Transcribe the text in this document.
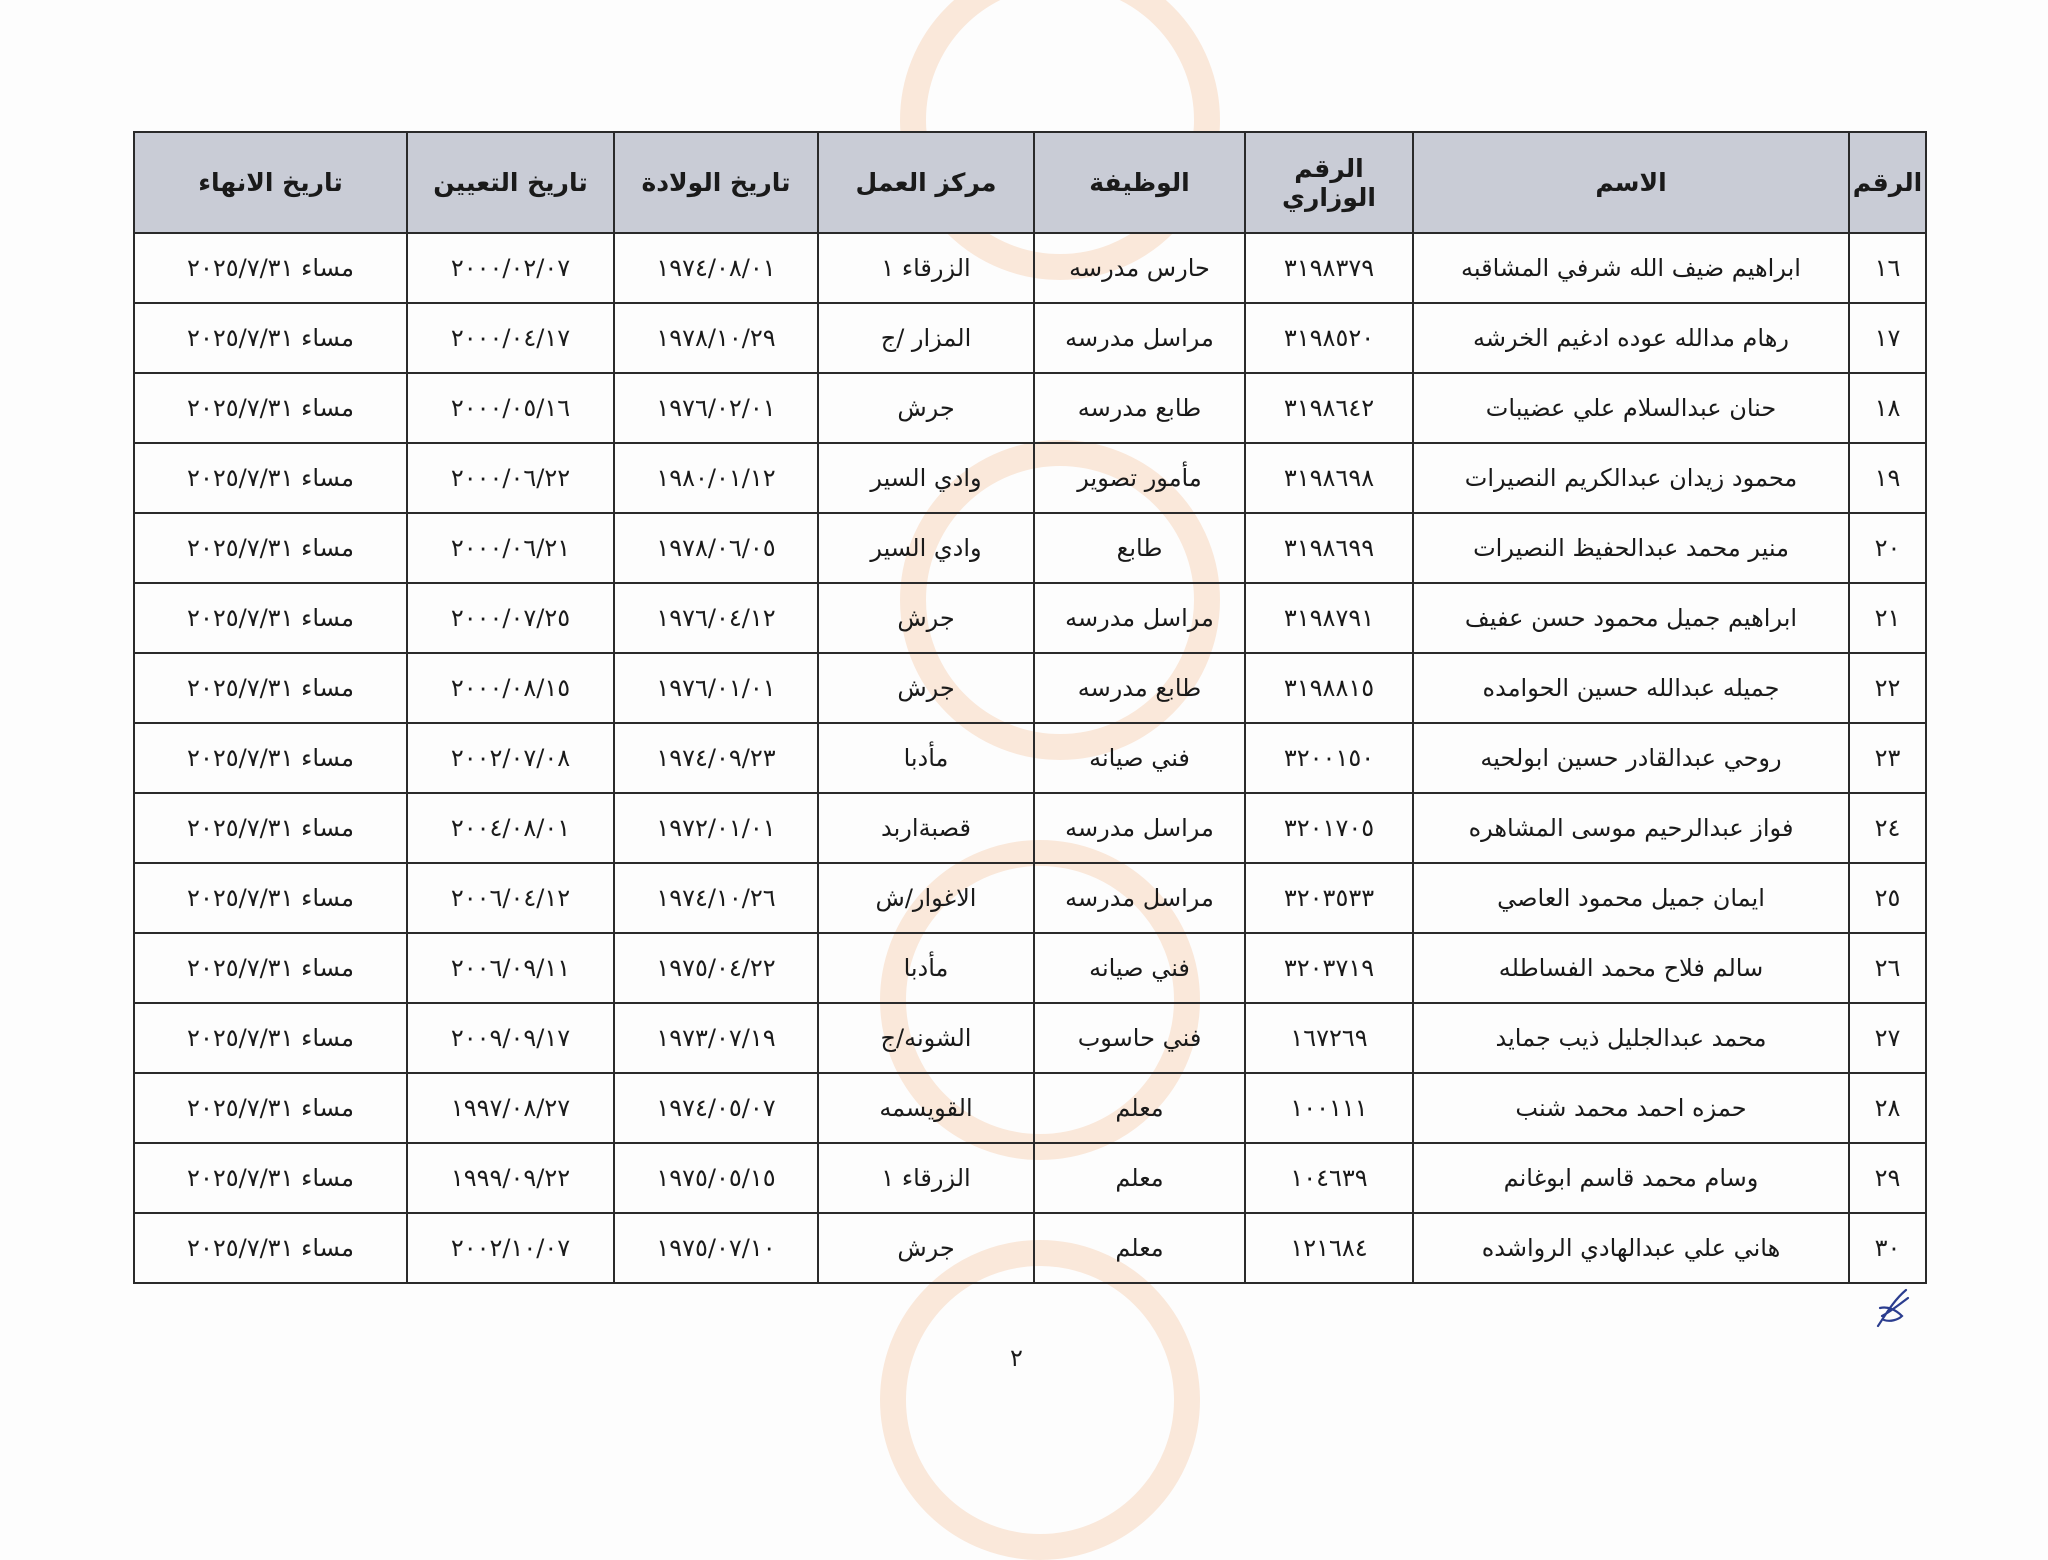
الرقم	الاسم	الرقم الوزاري	الوظيفة	مركز العمل	تاريخ الولادة	تاريخ التعيين	تاريخ الانهاء
١٦	ابراهيم ضيف الله شرفي المشاقبه	٣١٩٨٣٧٩	حارس مدرسه	الزرقاء ١	١٩٧٤/٠٨/٠١	٢٠٠٠/٠٢/٠٧	مساء ٢٠٢٥/٧/٣١
١٧	رهام مدالله عوده ادغيم الخرشه	٣١٩٨٥٢٠	مراسل مدرسه	المزار /ج	١٩٧٨/١٠/٢٩	٢٠٠٠/٠٤/١٧	مساء ٢٠٢٥/٧/٣١
١٨	حنان عبدالسلام علي عضيبات	٣١٩٨٦٤٢	طابع مدرسه	جرش	١٩٧٦/٠٢/٠١	٢٠٠٠/٠٥/١٦	مساء ٢٠٢٥/٧/٣١
١٩	محمود زيدان عبدالكريم النصيرات	٣١٩٨٦٩٨	مأمور تصوير	وادي السير	١٩٨٠/٠١/١٢	٢٠٠٠/٠٦/٢٢	مساء ٢٠٢٥/٧/٣١
٢٠	منير محمد عبدالحفيظ النصيرات	٣١٩٨٦٩٩	طابع	وادي السير	١٩٧٨/٠٦/٠٥	٢٠٠٠/٠٦/٢١	مساء ٢٠٢٥/٧/٣١
٢١	ابراهيم جميل محمود حسن عفيف	٣١٩٨٧٩١	مراسل مدرسه	جرش	١٩٧٦/٠٤/١٢	٢٠٠٠/٠٧/٢٥	مساء ٢٠٢٥/٧/٣١
٢٢	جميله عبدالله حسين الحوامده	٣١٩٨٨١٥	طابع مدرسه	جرش	١٩٧٦/٠١/٠١	٢٠٠٠/٠٨/١٥	مساء ٢٠٢٥/٧/٣١
٢٣	روحي عبدالقادر حسين ابولحيه	٣٢٠٠١٥٠	فني صيانه	مأدبا	١٩٧٤/٠٩/٢٣	٢٠٠٢/٠٧/٠٨	مساء ٢٠٢٥/٧/٣١
٢٤	فواز عبدالرحيم موسى المشاهره	٣٢٠١٧٠٥	مراسل مدرسه	قصبةاربد	١٩٧٢/٠١/٠١	٢٠٠٤/٠٨/٠١	مساء ٢٠٢٥/٧/٣١
٢٥	ايمان جميل محمود العاصي	٣٢٠٣٥٣٣	مراسل مدرسه	الاغوار/ش	١٩٧٤/١٠/٢٦	٢٠٠٦/٠٤/١٢	مساء ٢٠٢٥/٧/٣١
٢٦	سالم فلاح محمد الفساطله	٣٢٠٣٧١٩	فني صيانه	مأدبا	١٩٧٥/٠٤/٢٢	٢٠٠٦/٠٩/١١	مساء ٢٠٢٥/٧/٣١
٢٧	محمد عبدالجليل ذيب جمايد	١٦٧٢٦٩	فني حاسوب	الشونه/ج	١٩٧٣/٠٧/١٩	٢٠٠٩/٠٩/١٧	مساء ٢٠٢٥/٧/٣١
٢٨	حمزه احمد محمد شنب	١٠٠١١١	معلم	القويسمه	١٩٧٤/٠٥/٠٧	١٩٩٧/٠٨/٢٧	مساء ٢٠٢٥/٧/٣١
٢٩	وسام محمد قاسم ابوغانم	١٠٤٦٣٩	معلم	الزرقاء ١	١٩٧٥/٠٥/١٥	١٩٩٩/٠٩/٢٢	مساء ٢٠٢٥/٧/٣١
٣٠	هاني علي عبدالهادي الرواشده	١٢١٦٨٤	معلم	جرش	١٩٧٥/٠٧/١٠	٢٠٠٢/١٠/٠٧	مساء ٢٠٢٥/٧/٣١
٢
